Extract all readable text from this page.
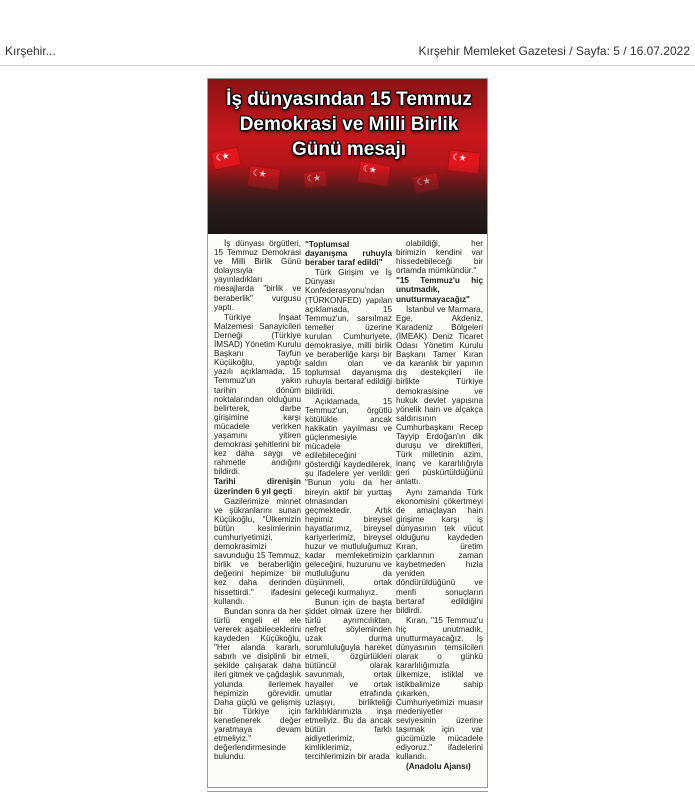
Kırşehir...	Kırşehir Memleket Gazetesi / Sayfa: 5 / 16.07.2022
☾★
☾★
☾★
☾★
☾★
☾★
İş dünyasından 15 Temmuz Demokrasi ve Milli Birlik Günü mesajı

İş dünyası örgütleri, 15 Temmuz Demokrasi ve Milli Birlik Günü dolayısıyla yayınladıkları mesajlarda "birlik ve beraberlik" vurgusu yaptı.

Türkiye İnşaat Malzemesi Sanayicileri Derneği (Türkiye İMSAD) Yönetim Kurulu Başkanı Tayfun Küçükoğlu, yaptığı yazılı açıklamada, 15 Temmuz'un yakın tarihin dönüm noktalarından olduğunu belirterek, darbe girişimine karşı mücadele verirken yaşamını yitiren demokrasi şehitlerini bir kez daha saygı ve rahmetle andığını bildirdi.

Tarihi direnişin üzerinden 6 yıl geçti

Gazilerimize minnet ve şükranlarını sunan Küçükoğlu, "Ülkemizin bütün kesimlerinin cumhuriyetimizi, demokrasimizi savunduğu 15 Temmuz, birlik ve beraberliğin değerini hepimize bir kez daha derinden hissettirdi." ifadesini kullandı.

Bundan sonra da her türlü engeli el ele vererek aşabileceklerini kaydeden Küçükoğlu, "Her alanda kararlı, sabırlı ve disiplinli bir şekilde çalışarak daha ileri gitmek ve çağdaşlık yolunda ilerlemek hepimizin görevidir. Daha güçlü ve gelişmiş bir Türkiye için kenetlenerek değer yaratmaya devam etmeliyiz." değerlendirmesinde bulundu.

"Toplumsal dayanışma ruhuyla beraber taraf edildi"

Türk Girişim ve İş Dünyası Konfederasyonu'ndan (TÜRKONFED) yapılan açıklamada, 15 Temmuz'un, sarsılmaz temeller üzerine kurulan Cumhuriyete, demokrasiye, milli birlik ve beraberliğe karşı bir saldırı olan ve toplumsal dayanışma ruhuyla bertaraf edildiği bildirildi.

Açıklamada, 15 Temmuz'un, örgütlü kötülükle ancak hakikatin yayılması ve güçlenmesiyle mücadele edilebileceğini gösterdiği kaydedilerek, şu ifadelere yer verildi: "Bunun yolu da her bireyin aktif bir yurttaş olmasından geçmektedir. Artık hepimiz bireysel hayatlarımız, bireysel kariyerlerimiz, bireysel huzur ve mutluluğumuz kadar memleketimizin geleceğini, huzurunu ve mutluluğunu da düşünmeli, ortak geleceği kurmalıyız.

Bunun için de başta şiddet olmak üzere her türlü ayrımcılıktan, nefret söyleminden uzak durma sorumluluğuyla hareket etmeli, özgürlükleri bütüncül olarak savunmalı, ortak hayaller ve ortak umutlar etrafında uzlaşıyı, birlikteliği farklılıklarımızla inşa etmeliyiz. Bu da ancak bütün farklı aidiyetlerimiz, kimliklerimiz, tercihlerimizin bir arada

olabildiği, her birimizin kendini var hissedebileceği bir ortamda mümkündür."

"15 Temmuz'u hiç unutmadık, unutturmayacağız"

İstanbul ve Marmara, Ege, Akdeniz, Karadeniz Bölgeleri (İMEAK) Deniz Ticaret Odası Yönetim Kurulu Başkanı Tamer Kıran da karanlık bir yapının dış destekçileri ile birlikte Türkiye demokrasisine ve hukuk devlet yapısına yönelik hain ve alçakça saldırısının Cumhurbaşkanı Recep Tayyip Erdoğan'ın dik duruşu ve direktifleri, Türk milletinin azim, inanç ve kararlılığıyla geri püskürtüldüğünü anlattı.

Aynı zamanda Türk ekonomisini çökertmeyi de amaçlayan hain girişime karşı iş dünyasının tek vücut olduğunu kaydeden Kıran, üretim çarklarının zaman kaybetmeden hızla yeniden döndürüldüğünü ve menfi sonuçların bertaraf edildiğini bildirdi.

Kıran, "15 Temmuz'u hiç unutmadık, unutturmayacağız. İş dünyasının temsilcileri olarak o günkü kararlılığımızla ülkemize, istiklal ve istikbalimize sahip çıkarken, Cumhuriyetimizi muasır medeniyetler seviyesinin üzerine taşımak için var gücümüzle mücadele ediyoruz." ifadelerini kullandı.

(Anadolu Ajansı)
